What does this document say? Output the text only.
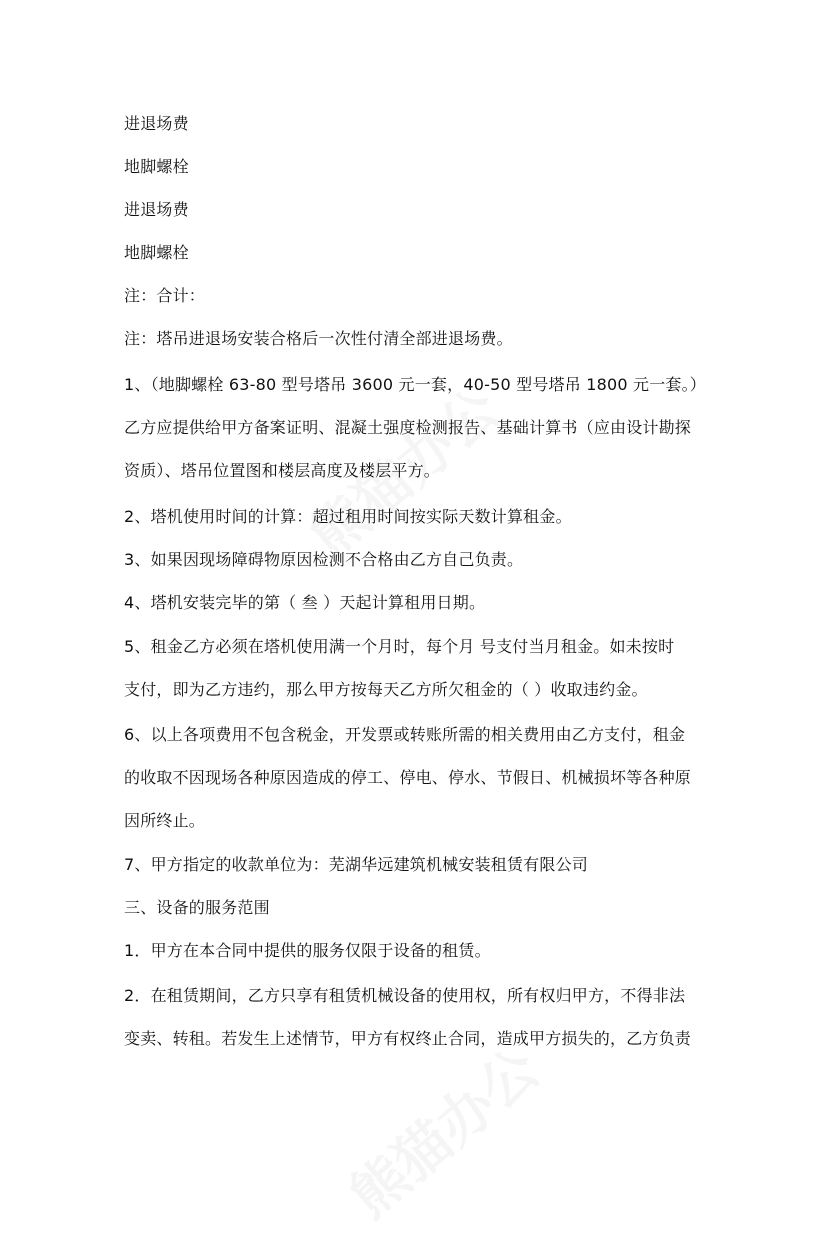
进退场费

地脚螺栓

进退场费

地脚螺栓

注：合计：

注：塔吊进退场安装合格后一次性付清全部进退场费。

1、（地脚螺栓 63-80 型号塔吊 3600 元一套，40-50 型号塔吊 1800 元一套。）

乙方应提供给甲方备案证明、混凝土强度检测报告、基础计算书（应由设计勘探

资质）、塔吊位置图和楼层高度及楼层平方。

2、塔机使用时间的计算：超过租用时间按实际天数计算租金。

3、如果因现场障碍物原因检测不合格由乙方自己负责。

4、塔机安装完毕的第（ 叁 ）天起计算租用日期。

5、租金乙方必须在塔机使用满一个月时，每个月 号支付当月租金。如未按时

支付，即为乙方违约，那么甲方按每天乙方所欠租金的（ ）收取违约金。

6、以上各项费用不包含税金，开发票或转账所需的相关费用由乙方支付，租金

的收取不因现场各种原因造成的停工、停电、停水、节假日、机械损坏等各种原

因所终止。

7、甲方指定的收款单位为：芜湖华远建筑机械安装租赁有限公司

三、设备的服务范围

1．甲方在本合同中提供的服务仅限于设备的租赁。

2．在租赁期间，乙方只享有租赁机械设备的使用权，所有权归甲方，不得非法

变卖、转租。若发生上述情节，甲方有权终止合同，造成甲方损失的，乙方负责
